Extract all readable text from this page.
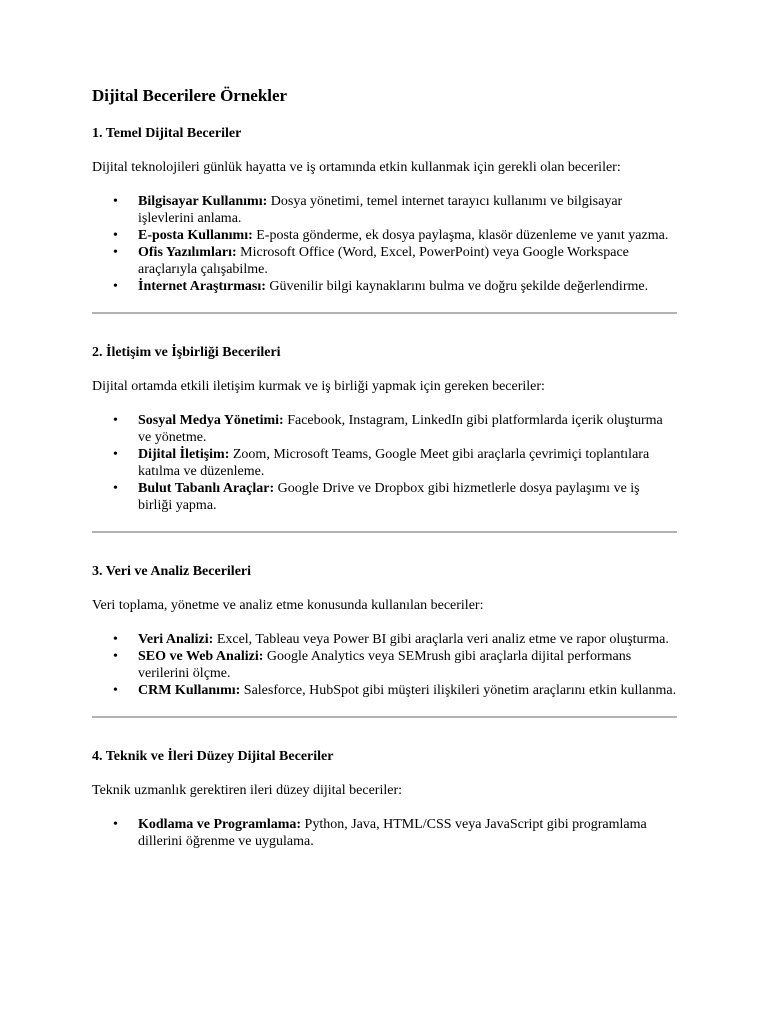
Dijital Becerilere Örnekler
1. Temel Dijital Beceriler

Dijital teknolojileri günlük hayatta ve iş ortamında etkin kullanmak için gerekli olan beceriler:

• Bilgisayar Kullanımı: Dosya yönetimi, temel internet tarayıcı kullanımı ve bilgisayar işlevlerini anlama.
• E-posta Kullanımı: E-posta gönderme, ek dosya paylaşma, klasör düzenleme ve yanıt yazma.
• Ofis Yazılımları: Microsoft Office (Word, Excel, PowerPoint) veya Google Workspace araçlarıyla çalışabilme.
• İnternet Araştırması: Güvenilir bilgi kaynaklarını bulma ve doğru şekilde değerlendirme.
2. İletişim ve İşbirliği Becerileri

Dijital ortamda etkili iletişim kurmak ve iş birliği yapmak için gereken beceriler:

• Sosyal Medya Yönetimi: Facebook, Instagram, LinkedIn gibi platformlarda içerik oluşturma ve yönetme.
• Dijital İletişim: Zoom, Microsoft Teams, Google Meet gibi araçlarla çevrimiçi toplantılara katılma ve düzenleme.
• Bulut Tabanlı Araçlar: Google Drive ve Dropbox gibi hizmetlerle dosya paylaşımı ve iş birliği yapma.
3. Veri ve Analiz Becerileri

Veri toplama, yönetme ve analiz etme konusunda kullanılan beceriler:

• Veri Analizi: Excel, Tableau veya Power BI gibi araçlarla veri analiz etme ve rapor oluşturma.
• SEO ve Web Analizi: Google Analytics veya SEMrush gibi araçlarla dijital performans verilerini ölçme.
• CRM Kullanımı: Salesforce, HubSpot gibi müşteri ilişkileri yönetim araçlarını etkin kullanma.
4. Teknik ve İleri Düzey Dijital Beceriler

Teknik uzmanlık gerektiren ileri düzey dijital beceriler:

• Kodlama ve Programlama: Python, Java, HTML/CSS veya JavaScript gibi programlama dillerini öğrenme ve uygulama.
